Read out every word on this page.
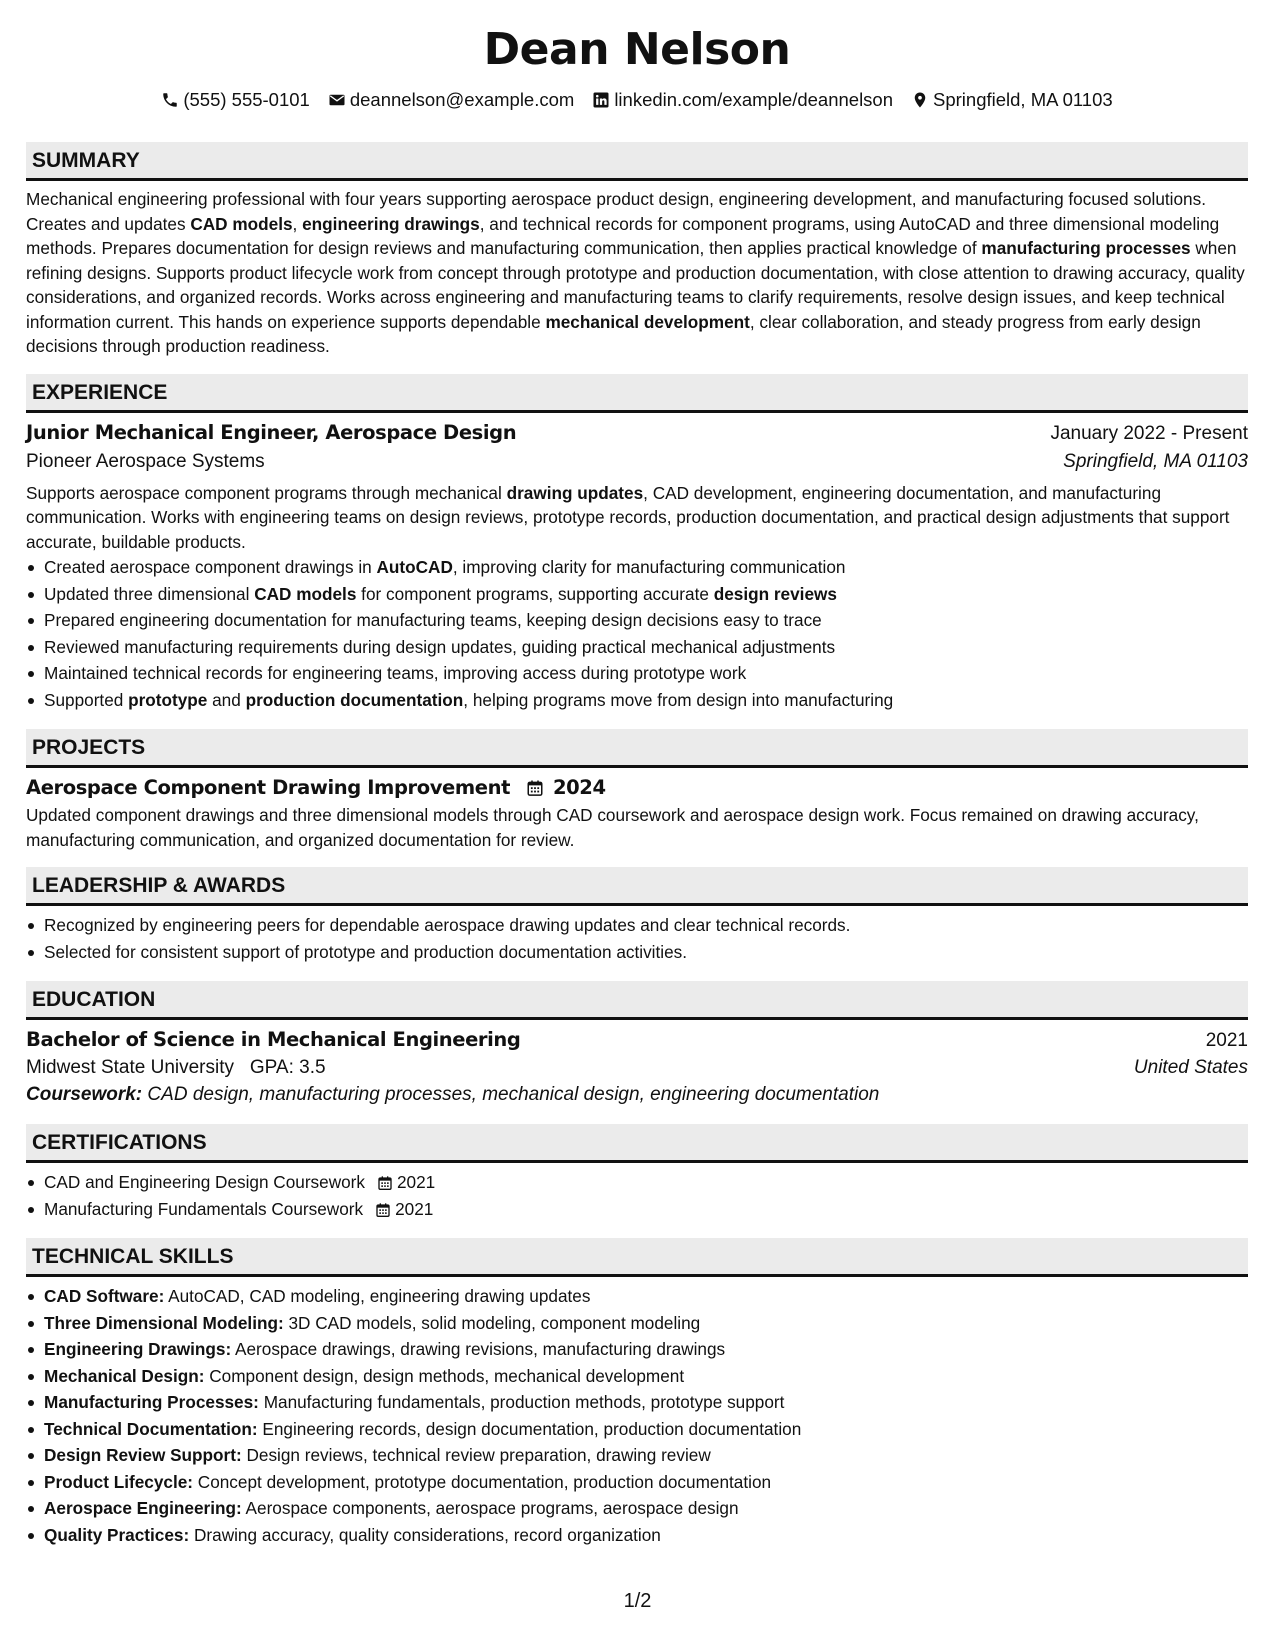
Dean Nelson
(555) 555-0101 deannelson@example.com linkedin.com/example/deannelson Springfield, MA 01103
SUMMARY

Mechanical engineering professional with four years supporting aerospace product design, engineering development, and manufacturing focused solutions. Creates and updates CAD models, engineering drawings, and technical records for component programs, using AutoCAD and three dimensional modeling methods. Prepares documentation for design reviews and manufacturing communication, then applies practical knowledge of manufacturing processes when refining designs. Supports product lifecycle work from concept through prototype and production documentation, with close attention to drawing accuracy, quality considerations, and organized records. Works across engineering and manufacturing teams to clarify requirements, resolve design issues, and keep technical information current. This hands on experience supports dependable mechanical development, clear collaboration, and steady progress from early design decisions through production readiness.

EXPERIENCE
Junior Mechanical Engineer, Aerospace Design	January 2022 - Present
Pioneer Aerospace Systems	Springfield, MA 01103

Supports aerospace component programs through mechanical drawing updates, CAD development, engineering documentation, and manufacturing communication. Works with engineering teams on design reviews, prototype records, production documentation, and practical design adjustments that support accurate, buildable products.

Created aerospace component drawings in AutoCAD, improving clarity for manufacturing communication
Updated three dimensional CAD models for component programs, supporting accurate design reviews
Prepared engineering documentation for manufacturing teams, keeping design decisions easy to trace
Reviewed manufacturing requirements during design updates, guiding practical mechanical adjustments
Maintained technical records for engineering teams, improving access during prototype work
Supported prototype and production documentation, helping programs move from design into manufacturing
PROJECTS
Aerospace Component Drawing Improvement 2024

Updated component drawings and three dimensional models through CAD coursework and aerospace design work. Focus remained on drawing accuracy, manufacturing communication, and organized documentation for review.

LEADERSHIP & AWARDS
Recognized by engineering peers for dependable aerospace drawing updates and clear technical records.
Selected for consistent support of prototype and production documentation activities.
EDUCATION
Bachelor of Science in Mechanical Engineering	2021
Midwest State University GPA: 3.5	United States
Coursework: CAD design, manufacturing processes, mechanical design, engineering documentation
CERTIFICATIONS
CAD and Engineering Design Coursework 2021
Manufacturing Fundamentals Coursework 2021
TECHNICAL SKILLS
CAD Software: AutoCAD, CAD modeling, engineering drawing updates
Three Dimensional Modeling: 3D CAD models, solid modeling, component modeling
Engineering Drawings: Aerospace drawings, drawing revisions, manufacturing drawings
Mechanical Design: Component design, design methods, mechanical development
Manufacturing Processes: Manufacturing fundamentals, production methods, prototype support
Technical Documentation: Engineering records, design documentation, production documentation
Design Review Support: Design reviews, technical review preparation, drawing review
Product Lifecycle: Concept development, prototype documentation, production documentation
Aerospace Engineering: Aerospace components, aerospace programs, aerospace design
Quality Practices: Drawing accuracy, quality considerations, record organization
1/2
